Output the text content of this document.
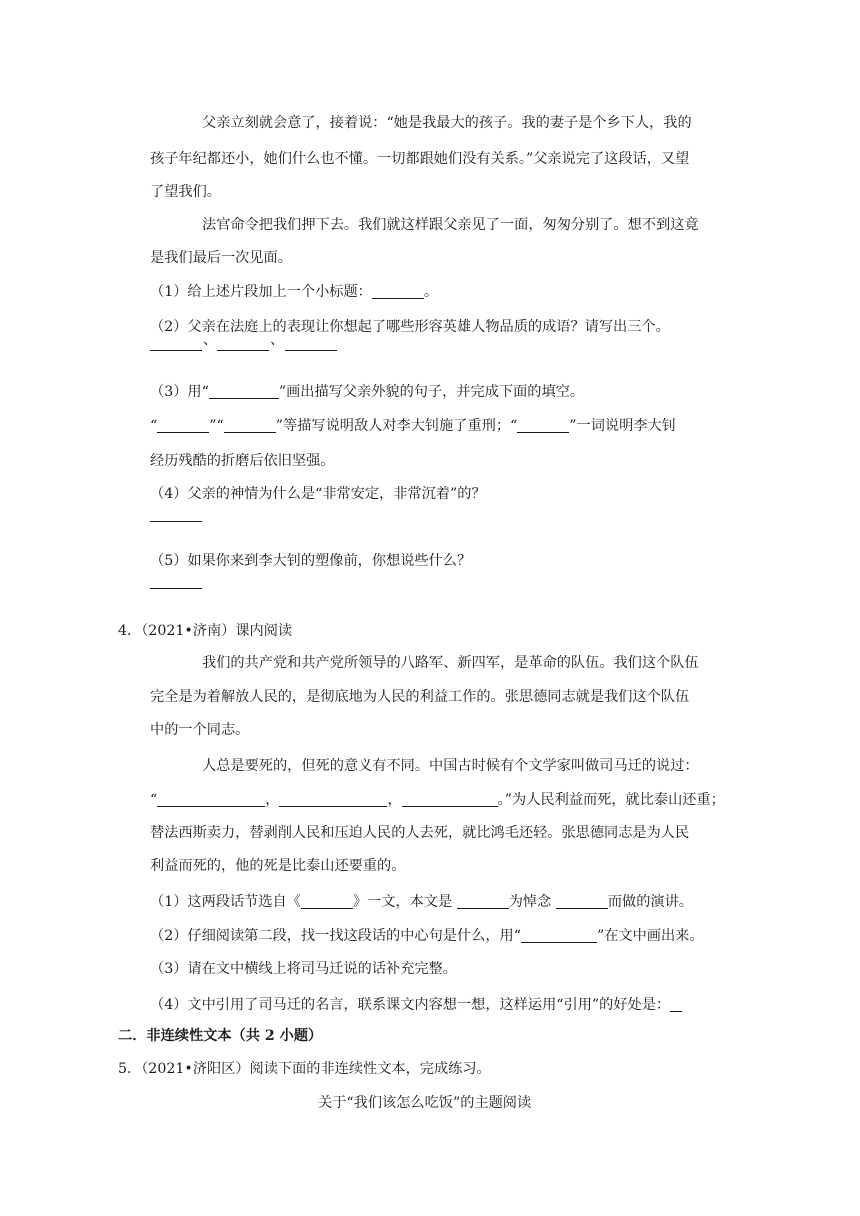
父亲立刻就会意了，接着说：“她是我最大的孩子。我的妻子是个乡下人，我的
孩子年纪都还小，她们什么也不懂。一切都跟她们没有关系。”父亲说完了这段话，又望
了望我们。
法官命令把我们押下去。我们就这样跟父亲见了一面，匆匆分别了。想不到这竟
是我们最后一次见面。
（1）给上述片段加上一个小标题：	。
（2）父亲在法庭上的表现让你想起了哪些形容英雄人物品质的成语？请写出三个。
、	、
（3）用“	”画出描写父亲外貌的句子，并完成下面的填空。
“	”“	”等描写说明敌人对李大钊施了重刑；“	”一词说明李大钊
经历残酷的折磨后依旧坚强。
（4）父亲的神情为什么是“非常安定，非常沉着”的？
（5）如果你来到李大钊的塑像前，你想说些什么？
4．（2021•济南）课内阅读
我们的共产党和共产党所领导的八路军、新四军，是革命的队伍。我们这个队伍
完全是为着解放人民的，是彻底地为人民的利益工作的。张思德同志就是我们这个队伍
中的一个同志。
人总是要死的，但死的意义有不同。中国古时候有个文学家叫做司马迁的说过：
“	，	，	。”为人民利益而死，就比泰山还重；
替法西斯卖力，替剥削人民和压迫人民的人去死，就比鸿毛还轻。张思德同志是为人民
利益而死的，他的死是比泰山还要重的。
（1）这两段话节选自《	》一文，本文是	为悼念	而做的演讲。
（2）仔细阅读第二段，找一找这段话的中心句是什么，用“	”在文中画出来。
（3）请在文中横线上将司马迁说的话补充完整。
（4）文中引用了司马迁的名言，联系课文内容想一想，这样运用“引用”的好处是：
二．非连续性文本（共 2 小题）
5．（2021•济阳区）阅读下面的非连续性文本，完成练习。
关于“我们该怎么吃饭”的主题阅读
